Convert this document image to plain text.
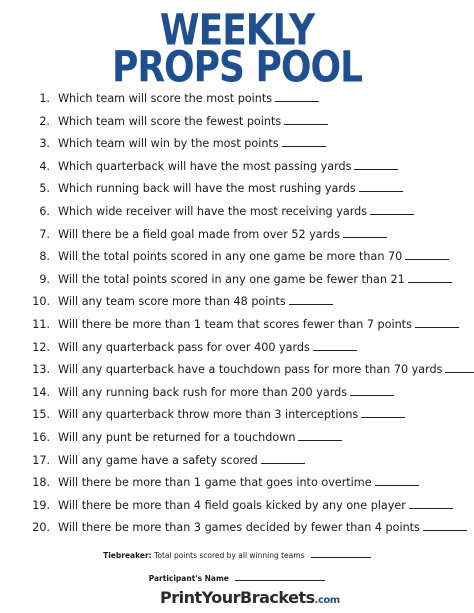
WEEKLY
PROPS POOL
1. Which team will score the most points
2. Which team will score the fewest points
3. Which team will win by the most points
4. Which quarterback will have the most passing yards
5. Which running back will have the most rushing yards
6. Which wide receiver will have the most receiving yards
7. Will there be a field goal made from over 52 yards
8. Will the total points scored in any one game be more than 70
9. Will the total points scored in any one game be fewer than 21
10. Will any team score more than 48 points
11. Will there be more than 1 team that scores fewer than 7 points
12. Will any quarterback pass for over 400 yards
13. Will any quarterback have a touchdown pass for more than 70 yards
14. Will any running back rush for more than 200 yards
15. Will any quarterback throw more than 3 interceptions
16. Will any punt be returned for a touchdown
17. Will any game have a safety scored
18. Will there be more than 1 game that goes into overtime
19. Will there be more than 4 field goals kicked by any one player
20. Will there be more than 3 games decided by fewer than 4 points
Tiebreaker: Total points scored by all winning teams
Participant's Name
PrintYourBrackets.com
